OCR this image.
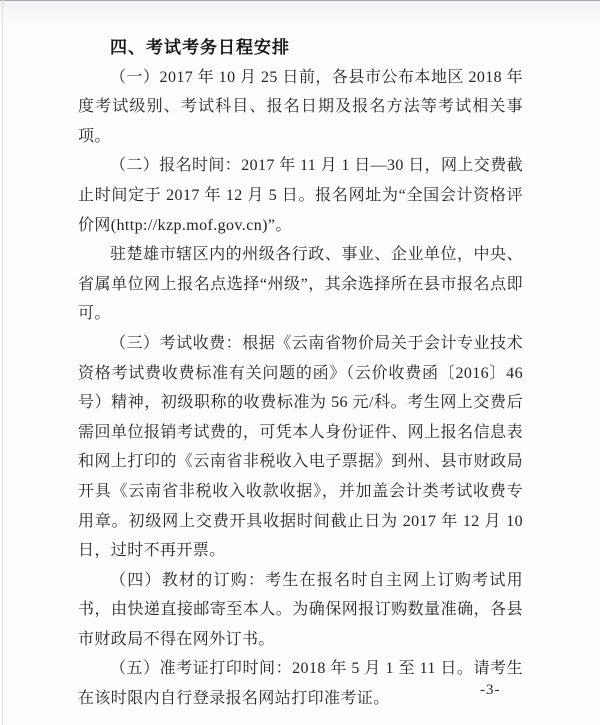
四、考试考务日程安排

（一）2017 年 10 月 25 日前，各县市公布本地区 2018 年度考试级别、考试科目、报名日期及报名方法等考试相关事项。

（二）报名时间：2017 年 11 月 1 日—30 日，网上交费截止时间定于 2017 年 12 月 5 日。报名网址为“全国会计资格评价网(http://kzp.mof.gov.cn)”。

驻楚雄市辖区内的州级各行政、事业、企业单位，中央、省属单位网上报名点选择“州级”，其余选择所在县市报名点即可。

（三）考试收费：根据《云南省物价局关于会计专业技术资格考试费收费标准有关问题的函》（云价收费函〔2016〕46 号）精神，初级职称的收费标准为 56 元/科。考生网上交费后需回单位报销考试费的，可凭本人身份证件、网上报名信息表和网上打印的《云南省非税收入电子票据》到州、县市财政局开具《云南省非税收入收款收据》，并加盖会计类考试收费专用章。初级网上交费开具收据时间截止日为 2017 年 12 月 10 日，过时不再开票。

（四）教材的订购：考生在报名时自主网上订购考试用书，由快递直接邮寄至本人。为确保网报订购数量准确，各县市财政局不得在网外订书。

（五）准考证打印时间：2018 年 5 月 1 至 11 日。请考生在该时限内自行登录报名网站打印准考证。

-3-
